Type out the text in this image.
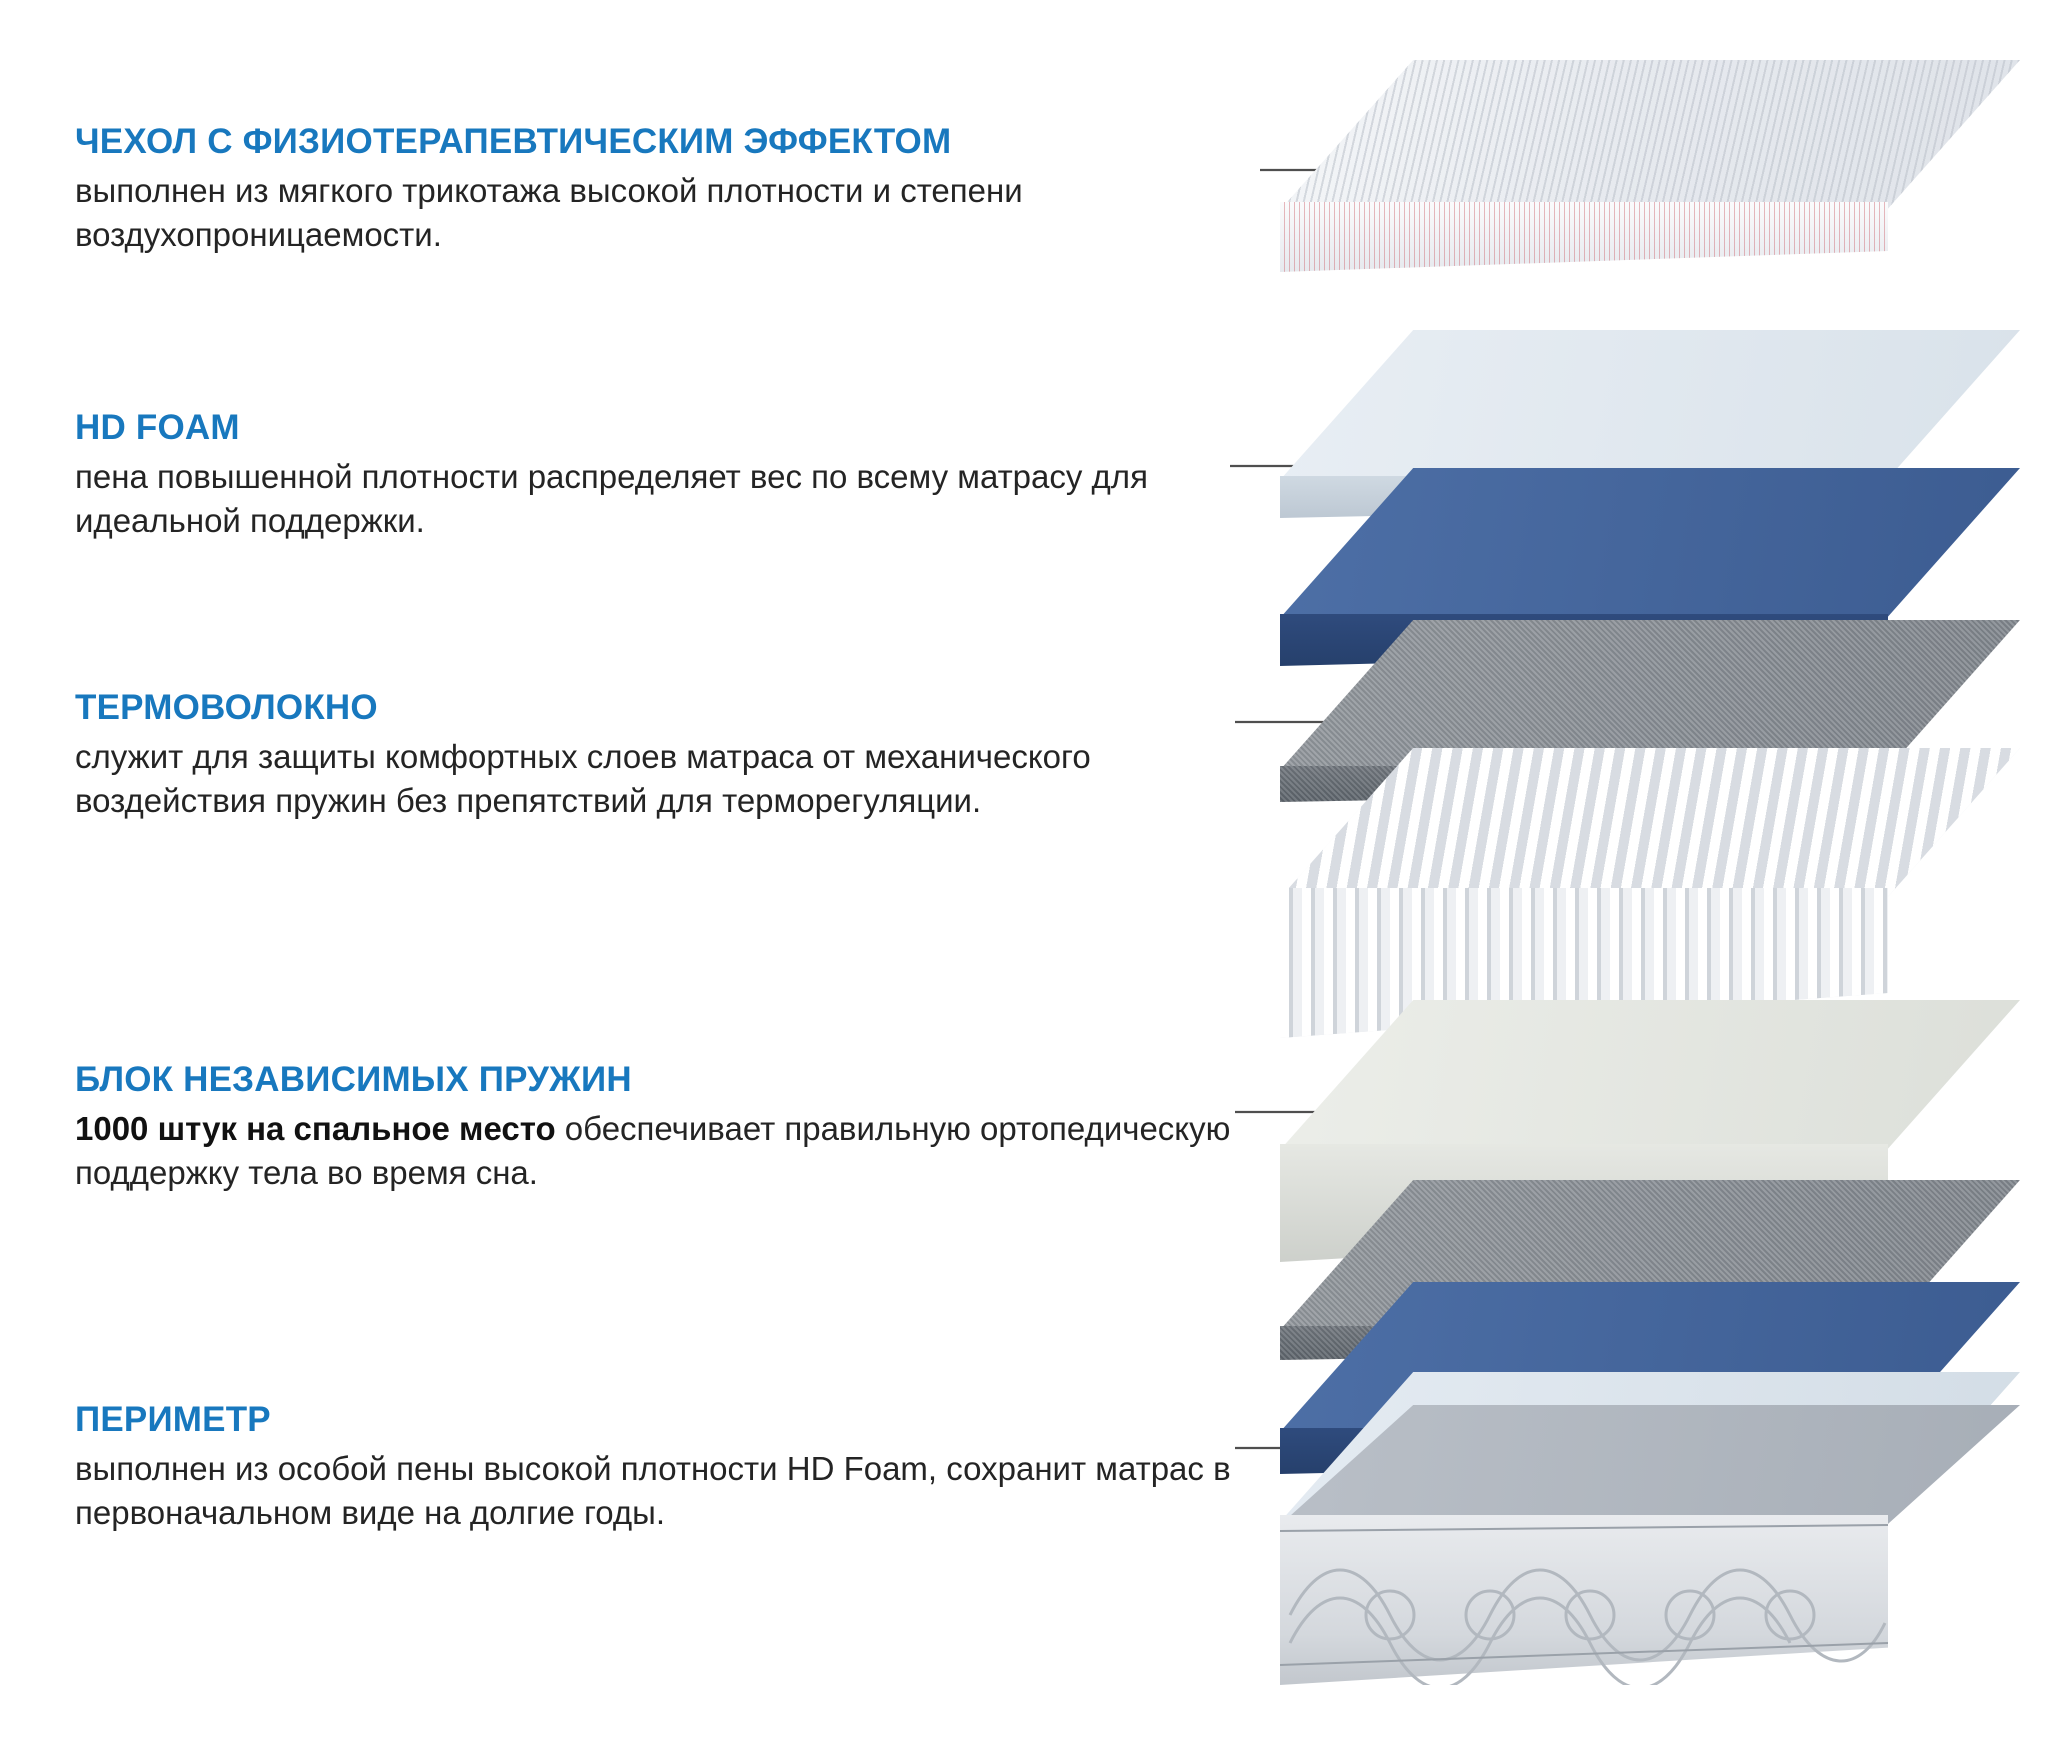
ЧЕХОЛ С ФИЗИОТЕРАПЕВТИЧЕСКИМ ЭФФЕКТОМ

выполнен из мягкого трикотажа высокой плотности и степени воздухопроницаемости.

HD FOAM

пена повышенной плотности распределяет вес по всему матрасу для идеальной поддержки.

ТЕРМОВОЛОКНО

служит для защиты комфортных слоев матраса от механического воздействия пружин без препятствий для терморегуляции.

БЛОК НЕЗАВИСИМЫХ ПРУЖИН

1000 штук на спальное место обеспечивает правильную ортопедическую поддержку тела во время сна.

ПЕРИМЕТР

выполнен из особой пены высокой плотности HD Foam, сохранит матрас в первоначальном виде на долгие годы.
